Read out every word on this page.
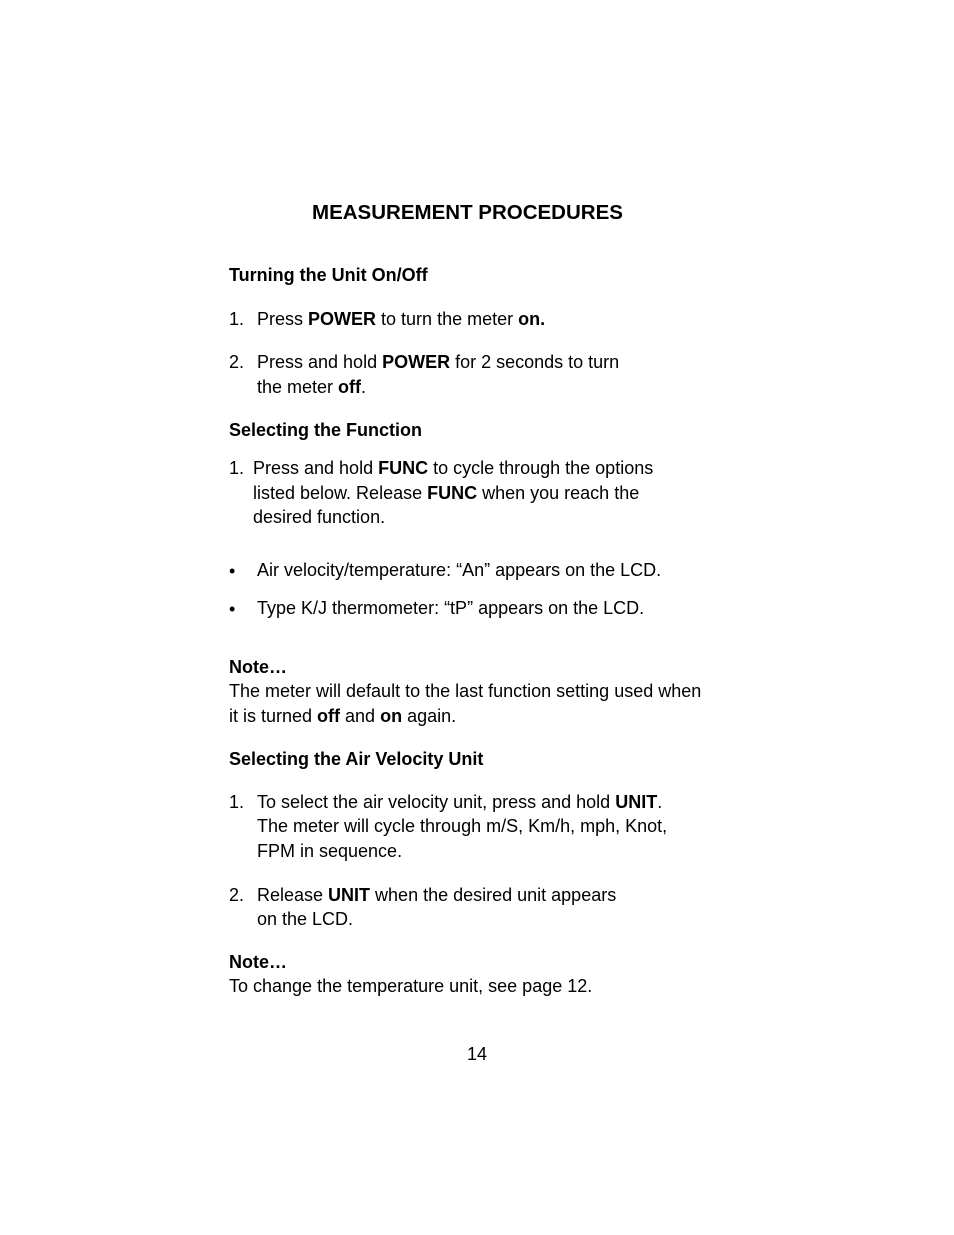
MEASUREMENT PROCEDURES
Turning the Unit On/Off
1. Press POWER to turn the meter on.
2. Press and hold POWER for 2 seconds to turn
the meter off.
Selecting the Function
1. Press and hold FUNC to cycle through the options
listed below. Release FUNC when you reach the
desired function.
• Air velocity/temperature: “An” appears on the LCD.
• Type K/J thermometer: “tP” appears on the LCD.
Note…
The meter will default to the last function setting used when
it is turned off and on again.
Selecting the Air Velocity Unit
1. To select the air velocity unit, press and hold UNIT.
The meter will cycle through m/S, Km/h, mph, Knot,
FPM in sequence.
2. Release UNIT when the desired unit appears
on the LCD.
Note…
To change the temperature unit, see page 12.
14
